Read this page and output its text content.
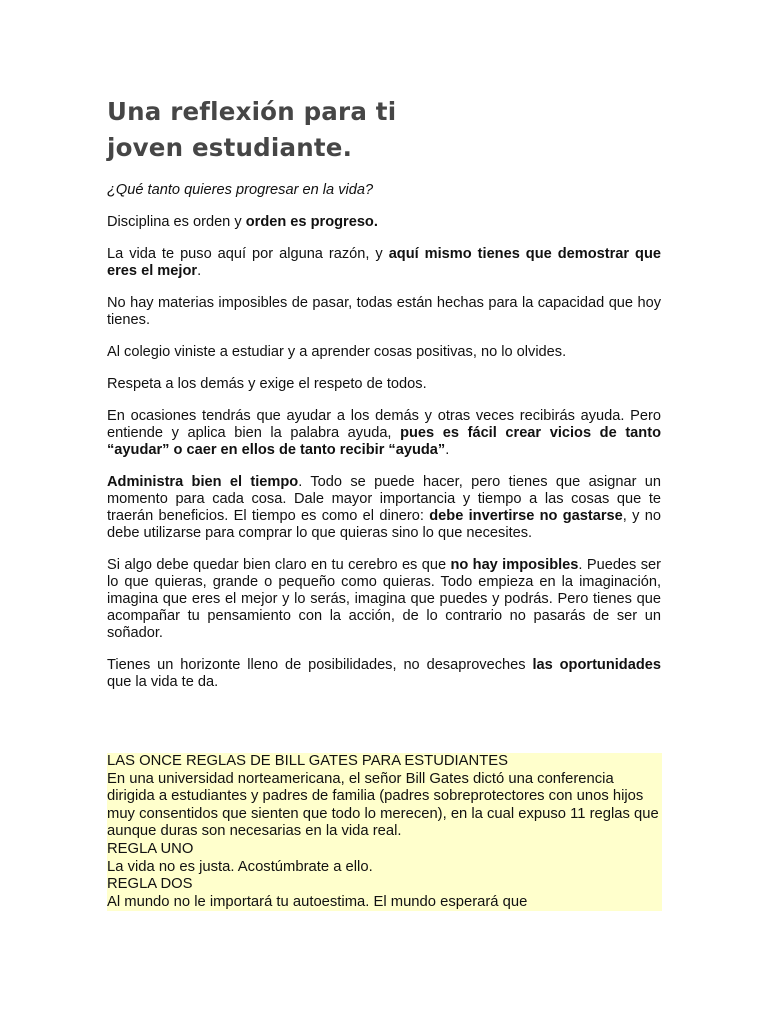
Una reflexión para ti
joven estudiante.

¿Qué tanto quieres progresar en la vida?

Disciplina es orden y orden es progreso.

La vida te puso aquí por alguna razón, y aquí mismo tienes que demostrar que eres el mejor.

No hay materias imposibles de pasar, todas están hechas para la capacidad que hoy tienes.

Al colegio viniste a estudiar y a aprender cosas positivas, no lo olvides.

Respeta a los demás y exige el respeto de todos.

En ocasiones tendrás que ayudar a los demás y otras veces recibirás ayuda. Pero entiende y aplica bien la palabra ayuda, pues es fácil crear vicios de tanto “ayudar” o caer en ellos de tanto recibir “ayuda”.

Administra bien el tiempo. Todo se puede hacer, pero tienes que asignar un momento para cada cosa. Dale mayor importancia y tiempo a las cosas que te traerán beneficios. El tiempo es como el dinero: debe invertirse no gastarse, y no debe utilizarse para comprar lo que quieras sino lo que necesites.

Si algo debe quedar bien claro en tu cerebro es que no hay imposibles. Puedes ser lo que quieras, grande o pequeño como quieras. Todo empieza en la imaginación, imagina que eres el mejor y lo serás, imagina que puedes y podrás. Pero tienes que acompañar tu pensamiento con la acción, de lo contrario no pasarás de ser un soñador.

Tienes un horizonte lleno de posibilidades, no desaproveches las oportunidades que la vida te da.

LAS ONCE REGLAS DE BILL GATES PARA ESTUDIANTES

En una universidad norteamericana, el señor Bill Gates dictó una conferencia dirigida a estudiantes y padres de familia (padres sobreprotectores con unos hijos muy consentidos que sienten que todo lo merecen), en la cual expuso 11 reglas que aunque duras son necesarias en la vida real.

REGLA UNO

La vida no es justa. Acostúmbrate a ello.

REGLA DOS

Al mundo no le importará tu autoestima. El mundo esperará que
